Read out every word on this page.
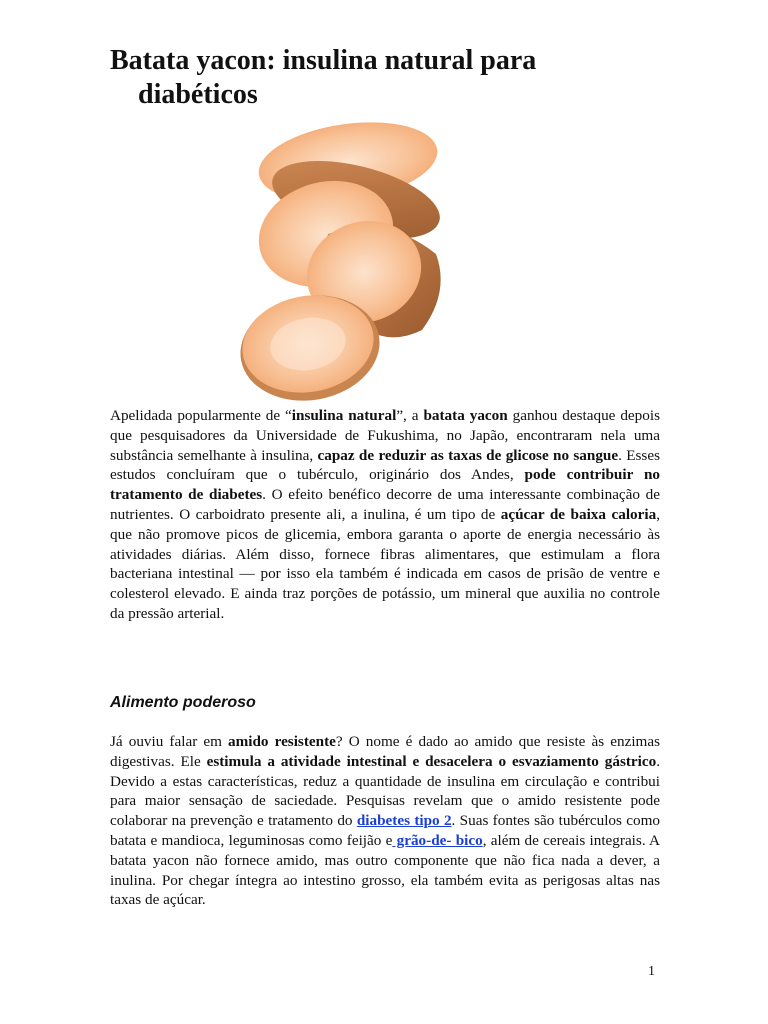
Batata yacon: insulina natural para
diabéticos

Apelidada popularmente de “insulina natural”, a batata yacon ganhou destaque depois que pesquisadores da Universidade de Fukushima, no Japão, encontraram nela uma substância semelhante à insulina, capaz de reduzir as taxas de glicose no sangue. Esses estudos concluíram que o tubérculo, originário dos Andes, pode contribuir no tratamento de diabetes. O efeito benéfico decorre de uma interessante combinação de nutrientes. O carboidrato presente ali, a inulina, é um tipo de açúcar de baixa caloria, que não promove picos de glicemia, embora garanta o aporte de energia necessário às atividades diárias. Além disso, fornece fibras alimentares, que estimulam a flora bacteriana intestinal — por isso ela também é indicada em casos de prisão de ventre e colesterol elevado. E ainda traz porções de potássio, um mineral que auxilia no controle da pressão arterial.

Alimento poderoso

Já ouviu falar em amido resistente? O nome é dado ao amido que resiste às enzimas digestivas. Ele estimula a atividade intestinal e desacelera o esvaziamento gástrico. Devido a estas características, reduz a quantidade de insulina em circulação e contribui para maior sensação de saciedade. Pesquisas revelam que o amido resistente pode colaborar na prevenção e tratamento do diabetes tipo 2. Suas fontes são tubérculos como batata e mandioca, leguminosas como feijão e grão-de- bico, além de cereais integrais. A batata yacon não fornece amido, mas outro componente que não fica nada a dever, a inulina. Por chegar íntegra ao intestino grosso, ela também evita as perigosas altas nas taxas de açúcar.

1
